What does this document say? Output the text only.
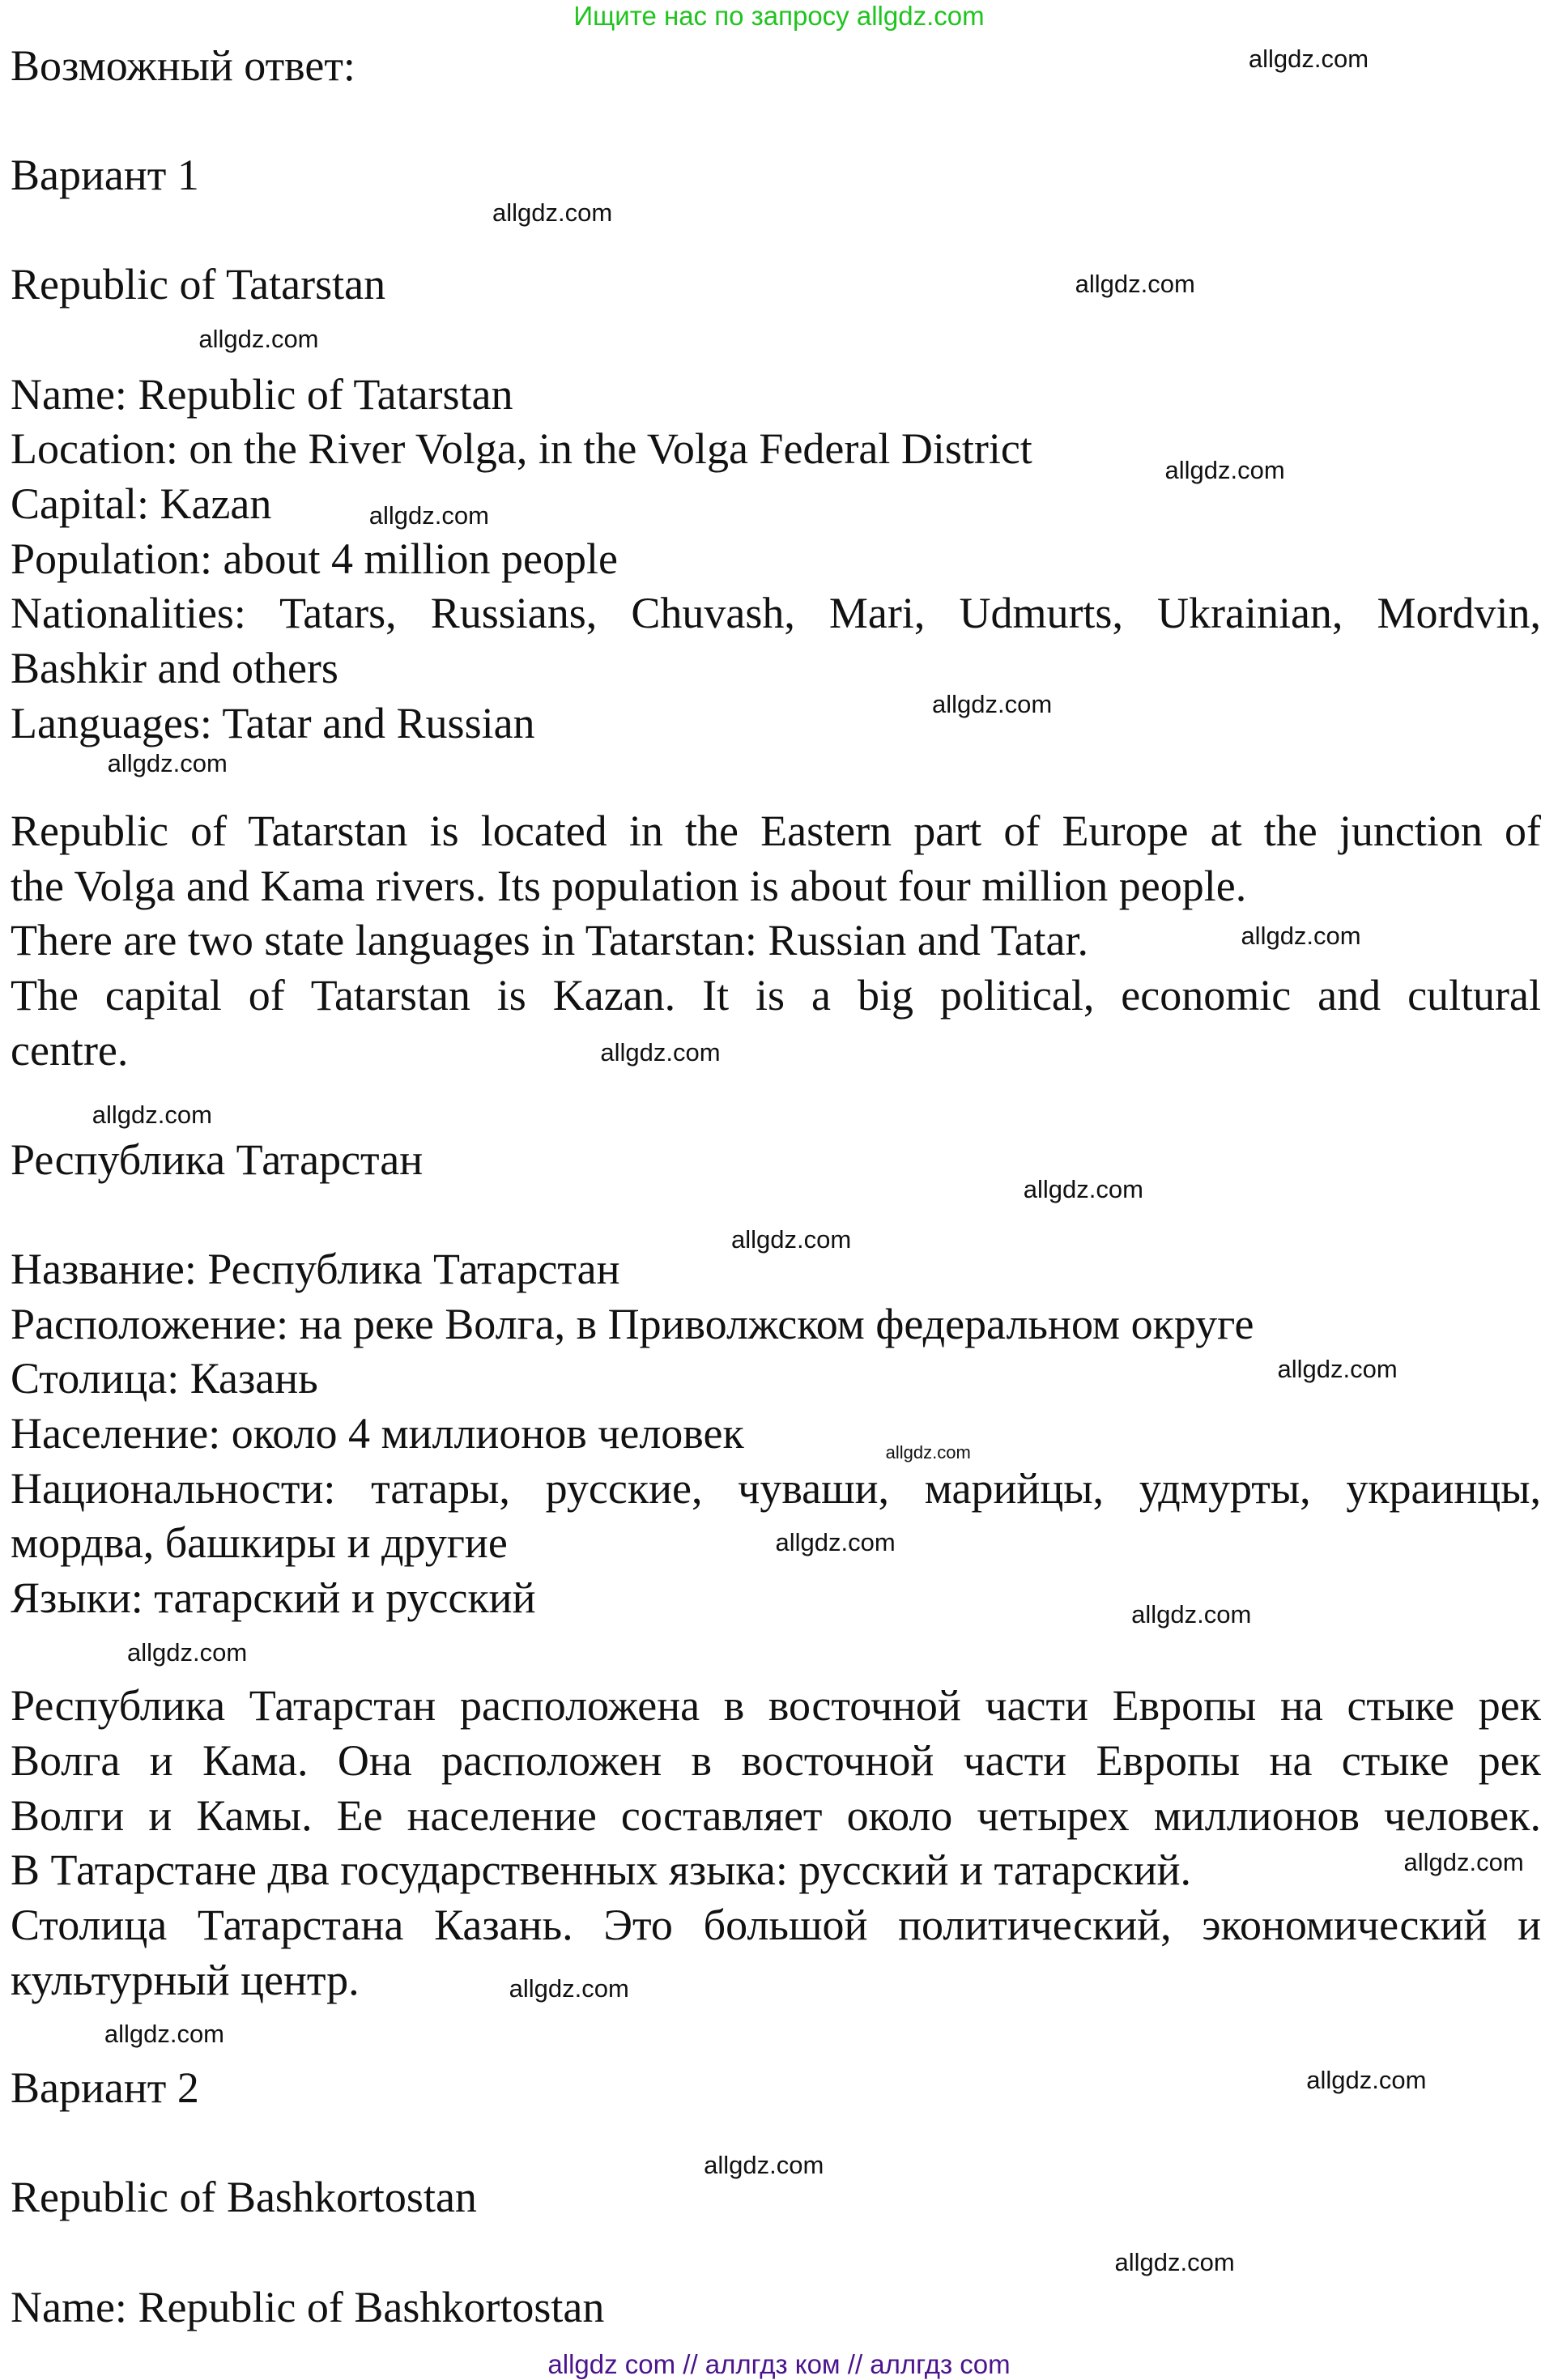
Ищите нас по запросу allgdz.com
Возможный ответ:
Вариант 1
Republic of Tatarstan
Name: Republic of Tatarstan
Location: on the River Volga, in the Volga Federal District
Capital: Kazan
Population: about 4 million people
Nationalities: Tatars, Russians, Chuvash, Mari, Udmurts, Ukrainian, Mordvin,
Bashkir and others
Languages: Tatar and Russian
Republic of Tatarstan is located in the Eastern part of Europe at the junction of
the Volga and Kama rivers. Its population is about four million people.
There are two state languages in Tatarstan: Russian and Tatar.
The capital of Tatarstan is Kazan. It is a big political, economic and cultural
centre.
Республика Татарстан
Название: Республика Татарстан
Расположение: на реке Волга, в Приволжском федеральном округе
Столица: Казань
Население: около 4 миллионов человек
Национальности: татары, русские, чуваши, марийцы, удмурты, украинцы,
мордва, башкиры и другие
Языки: татарский и русский
Республика Татарстан расположена в восточной части Европы на стыке рек
Волга и Кама. Она расположен в восточной части Европы на стыке рек
Волги и Камы. Ее население составляет около четырех миллионов человек.
В Татарстане два государственных языка: русский и татарский.
Столица Татарстана Казань. Это большой политический, экономический и
культурный центр.
Вариант 2
Republic of Bashkortostan
Name: Republic of Bashkortostan
allgdz.com
allgdz.com
allgdz.com
allgdz.com
allgdz.com
allgdz.com
allgdz.com
allgdz.com
allgdz.com
allgdz.com
allgdz.com
allgdz.com
allgdz.com
allgdz.com
allgdz.com
allgdz.com
allgdz.com
allgdz.com
allgdz.com
allgdz.com
allgdz.com
allgdz.com
allgdz.com
allgdz.com
allgdz com // аллгдз ком // аллгдз com
